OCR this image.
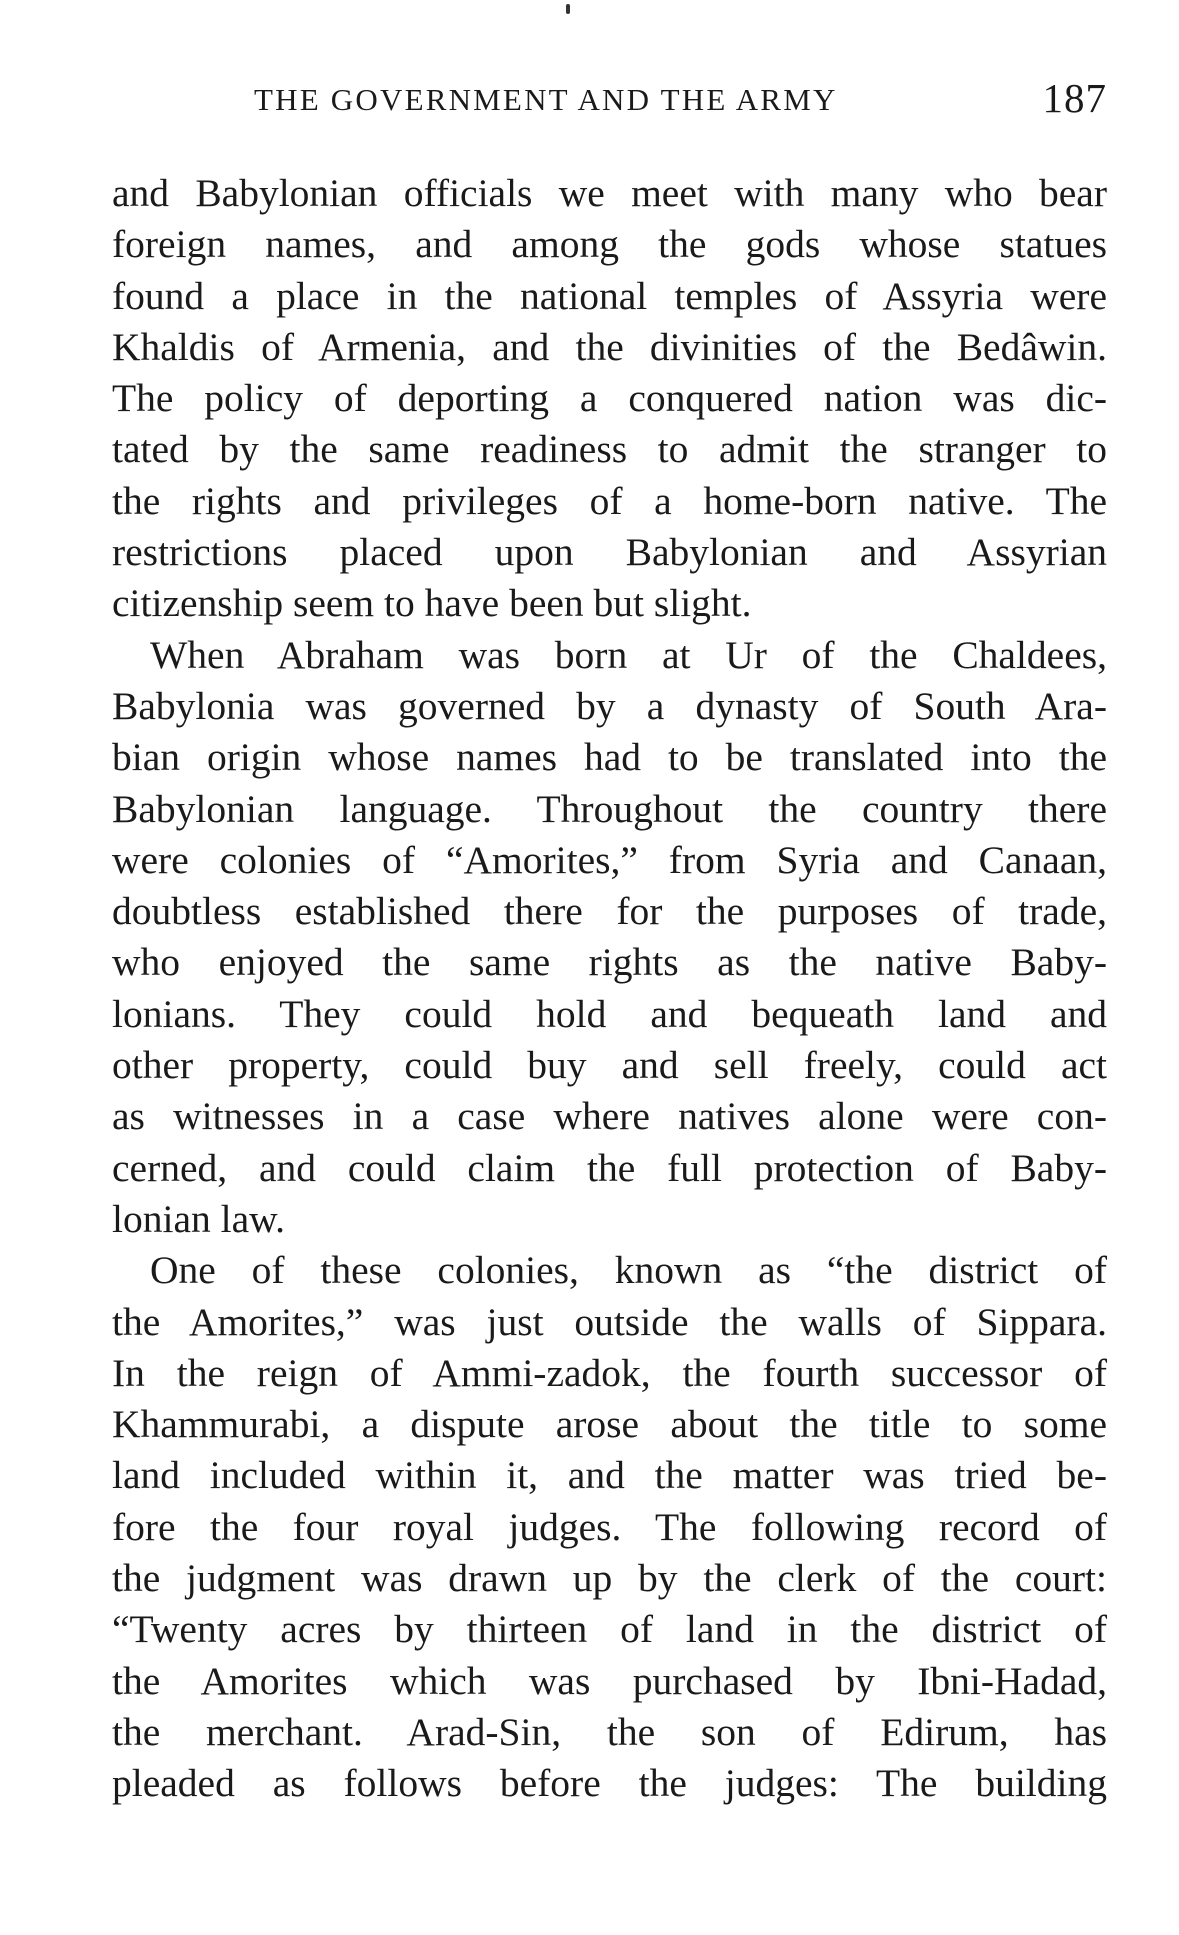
THE GOVERNMENT AND THE ARMY	187
and Babylonian officials we meet with many who bear
foreign names, and among the gods whose statues
found a place in the national temples of Assyria were
Khaldis of Armenia, and the divinities of the Bedâwin.
The policy of deporting a conquered nation was dic-
tated by the same readiness to admit the stranger to
the rights and privileges of a home-born native. The
restrictions placed upon Babylonian and Assyrian
citizenship seem to have been but slight.
When Abraham was born at Ur of the Chaldees,
Babylonia was governed by a dynasty of South Ara-
bian origin whose names had to be translated into the
Babylonian language. Throughout the country there
were colonies of “Amorites,” from Syria and Canaan,
doubtless established there for the purposes of trade,
who enjoyed the same rights as the native Baby-
lonians. They could hold and bequeath land and
other property, could buy and sell freely, could act
as witnesses in a case where natives alone were con-
cerned, and could claim the full protection of Baby-
lonian law.
One of these colonies, known as “the district of
the Amorites,” was just outside the walls of Sippara.
In the reign of Ammi-zadok, the fourth successor of
Khammurabi, a dispute arose about the title to some
land included within it, and the matter was tried be-
fore the four royal judges. The following record of
the judgment was drawn up by the clerk of the court:
“Twenty acres by thirteen of land in the district of
the Amorites which was purchased by Ibni-Hadad,
the merchant. Arad-Sin, the son of Edirum, has
pleaded as follows before the judges: The building
